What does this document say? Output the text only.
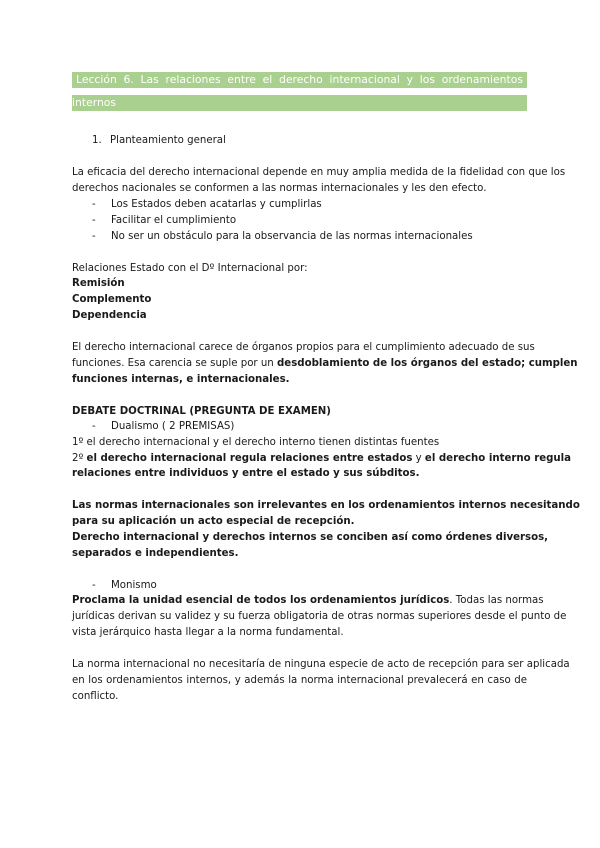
Lección 6. Las relaciones entre el derecho internacional y los ordenamientos
internos
1. Planteamiento general
La eficacia del derecho internacional depende en muy amplia medida de la fidelidad con que los
derechos nacionales se conformen a las normas internacionales y les den efecto.
- Los Estados deben acatarlas y cumplirlas
- Facilitar el cumplimiento
- No ser un obstáculo para la observancia de las normas internacionales
Relaciones Estado con el Dº Internacional por:
Remisión
Complemento
Dependencia
El derecho internacional carece de órganos propios para el cumplimiento adecuado de sus
funciones. Esa carencia se suple por un desdoblamiento de los órganos del estado; cumplen
funciones internas, e internacionales.
DEBATE DOCTRINAL (PREGUNTA DE EXAMEN)
- Dualismo ( 2 PREMISAS)
1º el derecho internacional y el derecho interno tienen distintas fuentes
2º el derecho internacional regula relaciones entre estados y el derecho interno regula
relaciones entre individuos y entre el estado y sus súbditos.
Las normas internacionales son irrelevantes en los ordenamientos internos necesitando
para su aplicación un acto especial de recepción.
Derecho internacional y derechos internos se conciben así como órdenes diversos,
separados e independientes.
- Monismo
Proclama la unidad esencial de todos los ordenamientos jurídicos. Todas las normas
jurídicas derivan su validez y su fuerza obligatoria de otras normas superiores desde el punto de
vista jerárquico hasta llegar a la norma fundamental.
La norma internacional no necesitaría de ninguna especie de acto de recepción para ser aplicada
en los ordenamientos internos, y además la norma internacional prevalecerá en caso de
conflicto.
